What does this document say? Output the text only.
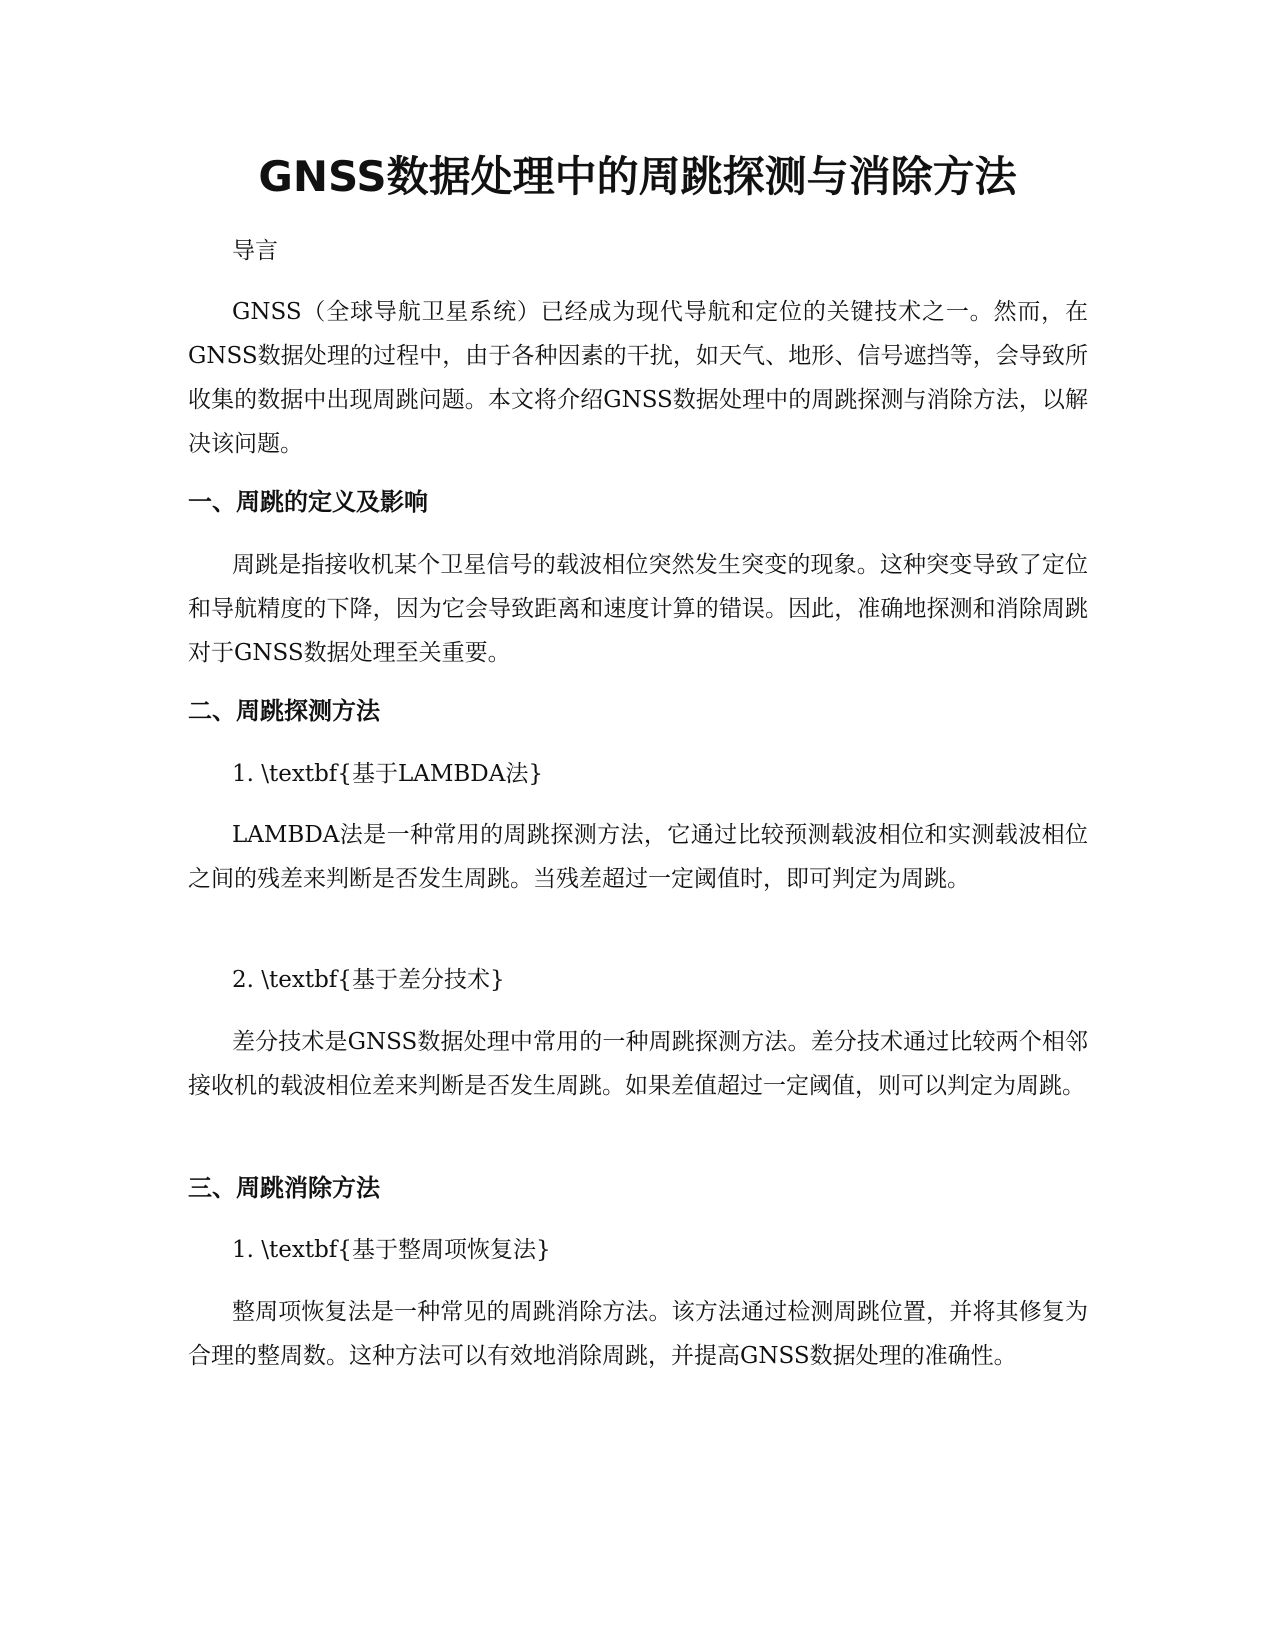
GNSS数据处理中的周跳探测与消除方法

导言

GNSS（全球导航卫星系统）已经成为现代导航和定位的关键技术之一。然而，在GNSS数据处理的过程中，由于各种因素的干扰，如天气、地形、信号遮挡等，会导致所收集的数据中出现周跳问题。本文将介绍GNSS数据处理中的周跳探测与消除方法，以解决该问题。

一、周跳的定义及影响

周跳是指接收机某个卫星信号的载波相位突然发生突变的现象。这种突变导致了定位和导航精度的下降，因为它会导致距离和速度计算的错误。因此，准确地探测和消除周跳对于GNSS数据处理至关重要。

二、周跳探测方法

1. \textbf{基于LAMBDA法}

LAMBDA法是一种常用的周跳探测方法，它通过比较预测载波相位和实测载波相位之间的残差来判断是否发生周跳。当残差超过一定阈值时，即可判定为周跳。

2. \textbf{基于差分技术}

差分技术是GNSS数据处理中常用的一种周跳探测方法。差分技术通过比较两个相邻接收机的载波相位差来判断是否发生周跳。如果差值超过一定阈值，则可以判定为周跳。

三、周跳消除方法

1. \textbf{基于整周项恢复法}

整周项恢复法是一种常见的周跳消除方法。该方法通过检测周跳位置，并将其修复为合理的整周数。这种方法可以有效地消除周跳，并提高GNSS数据处理的准确性。
